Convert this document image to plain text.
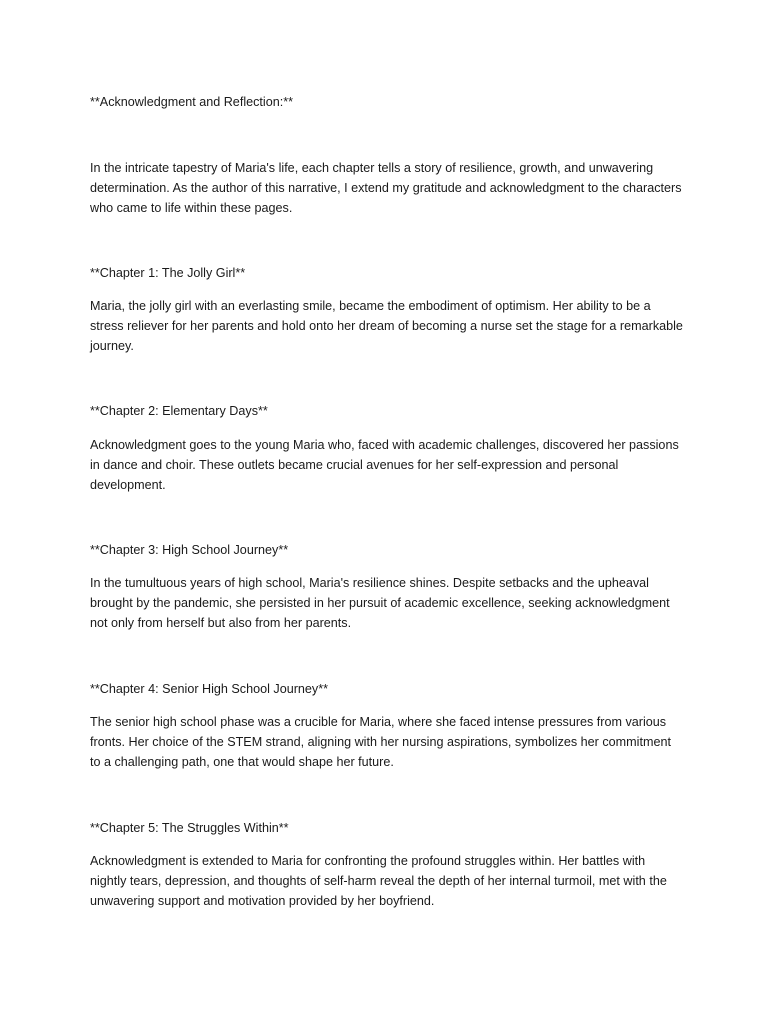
**Acknowledgment and Reflection:**

In the intricate tapestry of Maria's life, each chapter tells a story of resilience, growth, and unwavering determination. As the author of this narrative, I extend my gratitude and acknowledgment to the characters who came to life within these pages.

**Chapter 1: The Jolly Girl**

Maria, the jolly girl with an everlasting smile, became the embodiment of optimism. Her ability to be a stress reliever for her parents and hold onto her dream of becoming a nurse set the stage for a remarkable journey.

**Chapter 2: Elementary Days**

Acknowledgment goes to the young Maria who, faced with academic challenges, discovered her passions in dance and choir. These outlets became crucial avenues for her self-expression and personal development.

**Chapter 3: High School Journey**

In the tumultuous years of high school, Maria's resilience shines. Despite setbacks and the upheaval brought by the pandemic, she persisted in her pursuit of academic excellence, seeking acknowledgment not only from herself but also from her parents.

**Chapter 4: Senior High School Journey**

The senior high school phase was a crucible for Maria, where she faced intense pressures from various fronts. Her choice of the STEM strand, aligning with her nursing aspirations, symbolizes her commitment to a challenging path, one that would shape her future.

**Chapter 5: The Struggles Within**

Acknowledgment is extended to Maria for confronting the profound struggles within. Her battles with nightly tears, depression, and thoughts of self-harm reveal the depth of her internal turmoil, met with the unwavering support and motivation provided by her boyfriend.
